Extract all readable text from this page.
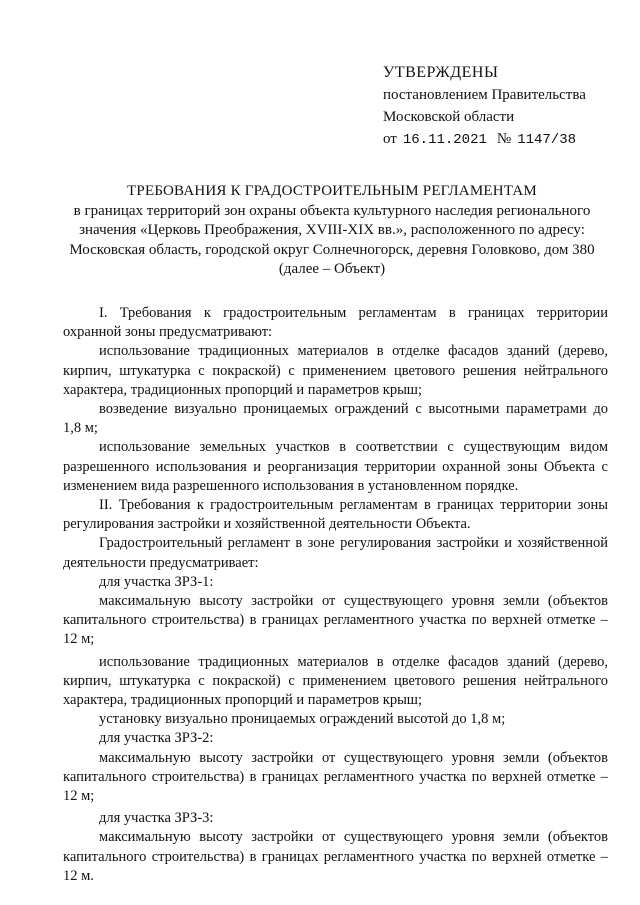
УТВЕРЖДЕНЫ
постановлением Правительства
Московской области
от 16.11.2021 № 1147/38
ТРЕБОВАНИЯ К ГРАДОСТРОИТЕЛЬНЫМ РЕГЛАМЕНТАМ
в границах территорий зон охраны объекта культурного наследия регионального
значения «Церковь Преображения, XVIII-XIX вв.», расположенного по адресу:
Московская область, городской округ Солнечногорск, деревня Головково, дом 380
(далее – Объект)

I. Требования к градостроительным регламентам в границах территории охранной зоны предусматривают:

использование традиционных материалов в отделке фасадов зданий (дерево, кирпич, штукатурка с покраской) с применением цветового решения нейтрального характера, традиционных пропорций и параметров крыш;

возведение визуально проницаемых ограждений с высотными параметрами до 1,8 м;

использование земельных участков в соответствии с существующим видом разрешенного использования и реорганизация территории охранной зоны Объекта с изменением вида разрешенного использования в установленном порядке.

II. Требования к градостроительным регламентам в границах территории зоны регулирования застройки и хозяйственной деятельности Объекта.

Градостроительный регламент в зоне регулирования застройки и хозяйственной деятельности предусматривает:

для участка ЗРЗ-1:

максимальную высоту застройки от существующего уровня земли (объектов капитального строительства) в границах регламентного участка по верхней отметке – 12 м;

использование традиционных материалов в отделке фасадов зданий (дерево, кирпич, штукатурка с покраской) с применением цветового решения нейтрального характера, традиционных пропорций и параметров крыш;

установку визуально проницаемых ограждений высотой до 1,8 м;

для участка ЗРЗ-2:

максимальную высоту застройки от существующего уровня земли (объектов капитального строительства) в границах регламентного участка по верхней отметке – 12 м;

для участка ЗРЗ-3:

максимальную высоту застройки от существующего уровня земли (объектов капитального строительства) в границах регламентного участка по верхней отметке – 12 м.
